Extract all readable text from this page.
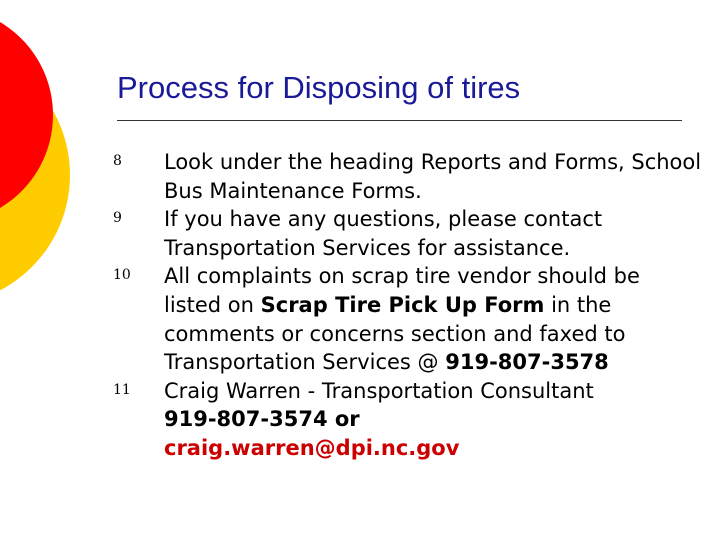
Process for Disposing of tires
8 Look under the heading Reports and Forms, School Bus Maintenance Forms.
9 If you have any questions, please contact Transportation Services for assistance.
10 All complaints on scrap tire vendor should be listed on Scrap Tire Pick Up Form in the comments or concerns section and faxed to Transportation Services @ 919-807-3578
11 Craig Warren - Transportation Consultant
919-807-3574 or
craig.warren@dpi.nc.gov
